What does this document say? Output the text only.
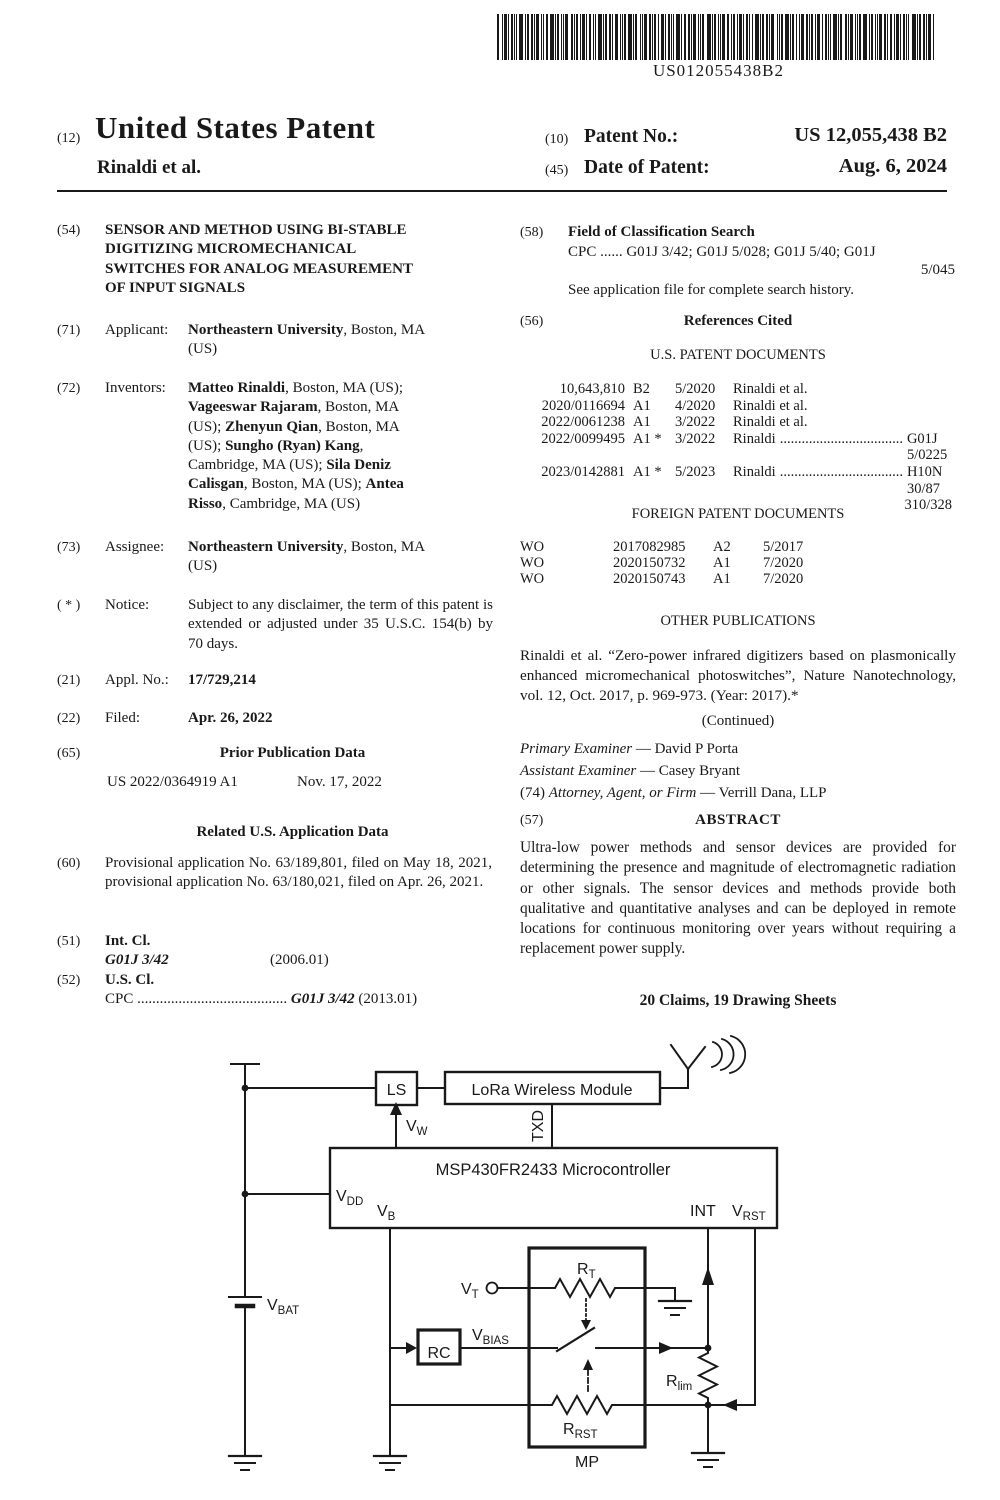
US012055438B2
(12) United States Patent
Rinaldi et al.
(10) Patent No.:	US 12,055,438 B2
(45) Date of Patent:	Aug. 6, 2024
(54) SENSOR AND METHOD USING BI-STABLE
DIGITIZING MICROMECHANICAL
SWITCHES FOR ANALOG MEASUREMENT
OF INPUT SIGNALS
(71) Applicant: Northeastern University, Boston, MA
(US)
(72) Inventors: Matteo Rinaldi, Boston, MA (US);
Vageeswar Rajaram, Boston, MA
(US); Zhenyun Qian, Boston, MA
(US); Sungho (Ryan) Kang,
Cambridge, MA (US); Sila Deniz
Calisgan, Boston, MA (US); Antea
Risso, Cambridge, MA (US)
(73) Assignee: Northeastern University, Boston, MA
(US)
( * ) Notice:	Subject to any disclaimer, the term of this patent is extended or adjusted under 35 U.S.C. 154(b) by 70 days.
(21) Appl. No.: 17/729,214
(22) Filed:	Apr. 26, 2022
(65)	Prior Publication Data
US 2022/0364919 A1	Nov. 17, 2022
Related U.S. Application Data
(60) Provisional application No. 63/189,801, filed on May 18, 2021, provisional application No. 63/180,021, filed on Apr. 26, 2021.
(51) Int. Cl.
G01J 3/42	(2006.01)
(52) U.S. Cl.
CPC ........................................ G01J 3/42 (2013.01)
(58) Field of Classification Search
CPC ...... G01J 3/42; G01J 5/028; G01J 5/40; G01J
5/045
See application file for complete search history.
(56)	References Cited
U.S. PATENT DOCUMENTS
10,643,810 B2	5/2020	Rinaldi et al.
2020/0116694 A1	4/2020	Rinaldi et al.
2022/0061238 A1	3/2022	Rinaldi et al.
2022/0099495 A1 * 3/2022	Rinaldi .................................. G01J 5/0225
2023/0142881 A1 * 5/2023	Rinaldi .................................. H10N 30/87
310/328
FOREIGN PATENT DOCUMENTS
WO	2017082985	A2	5/2017
WO	2020150732	A1	7/2020
WO	2020150743	A1	7/2020
OTHER PUBLICATIONS
Rinaldi et al. “Zero-power infrared digitizers based on plasmonically enhanced micromechanical photoswitches”, Nature Nanotechnology, vol. 12, Oct. 2017, p. 969-973. (Year: 2017).*
(Continued)
Primary Examiner — David P Porta
Assistant Examiner — Casey Bryant
(74) Attorney, Agent, or Firm — Verrill Dana, LLP
(57)	ABSTRACT
Ultra-low power methods and sensor devices are provided for determining the presence and magnitude of electromagnetic radiation or other signals. The sensor devices and methods provide both qualitative and quantitative analyses and can be deployed in remote locations for continuous monitoring over years without requiring a replacement power supply.
20 Claims, 19 Drawing Sheets
LS	LoRa Wireless Module
$V_W$	TXD
MSP430FR2433 Microcontroller
$V_{DD}$
$V_B$	INT $V_{RST}$
$V_{BAT}$
RC
$V_{BIAS}$
MP
$V_T$
$R_T$
$R_{RST}$
$R_{lim}$
